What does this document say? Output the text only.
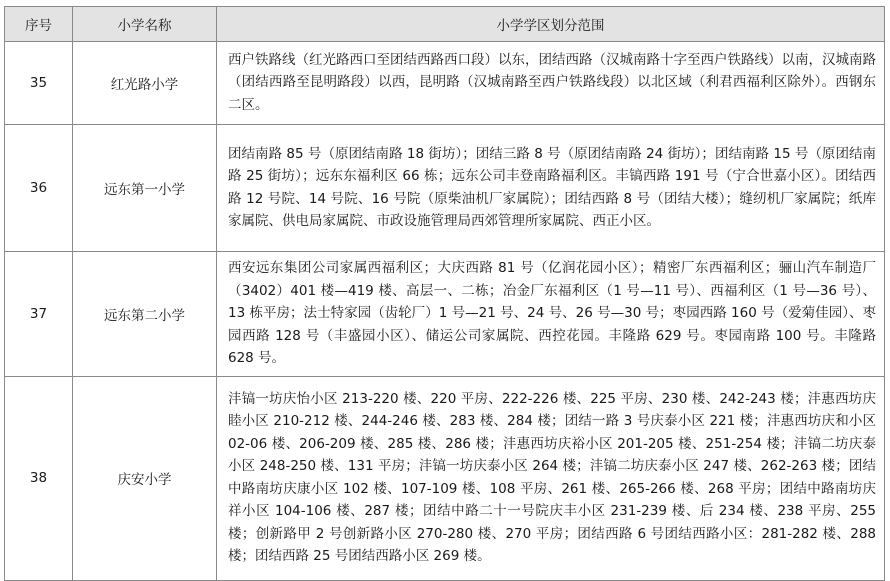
序号	小学名称	小学学区划分范围
35	红光路小学	西户铁路线（红光路西口至团结西路西口段）以东，团结西路（汉城南路十字至西户铁路线）以南，汉城南路（团结西路至昆明路段）以西，昆明路（汉城南路至西户铁路线段）以北区域（利君西福利区除外）。西钢东二区。
36	远东第一小学	团结南路 85 号（原团结南路 18 街坊）；团结三路 8 号（原团结南路 24 街坊）；团结南路 15 号（原团结南路 25 街坊）；远东东福利区 66 栋；远东公司丰登南路福利区。丰镐西路 191 号（宁合世嘉小区）。团结西路 12 号院、14 号院、16 号院（原柴油机厂家属院）；团结西路 8 号（团结大楼）；缝纫机厂家属院；纸库家属院、供电局家属院、市政设施管理局西郊管理所家属院、西正小区。
37	远东第二小学	西安远东集团公司家属西福利区；大庆西路 81 号（亿润花园小区）；精密厂东西福利区；骊山汽车制造厂（3402）401 楼—419 楼、高层一、二栋；冶金厂东福利区（1 号—11 号）、西福利区（1 号—36 号）、13 栋平房；法士特家园（齿轮厂）1 号—21 号、24 号、26 号—30 号；枣园西路 160 号（爱菊佳园）、枣园西路 128 号（丰盛园小区）、储运公司家属院、西控花园。丰隆路 629 号。枣园南路 100 号。丰隆路 628 号。
38	庆安小学	沣镐一坊庆怡小区 213-220 楼、220 平房、222-226 楼、225 平房、230 楼、242-243 楼；沣惠西坊庆睦小区 210-212 楼、244-246 楼、283 楼、284 楼；团结一路 3 号庆泰小区 221 楼；沣惠西坊庆和小区 02-06 楼、206-209 楼、285 楼、286 楼；沣惠西坊庆裕小区 201-205 楼、251-254 楼；沣镐二坊庆泰小区 248-250 楼、131 平房；沣镐一坊庆泰小区 264 楼；沣镐二坊庆泰小区 247 楼、262-263 楼；团结中路南坊庆康小区 102 楼、107-109 楼、108 平房、261 楼、265-266 楼、268 平房；团结中路南坊庆祥小区 104-106 楼、287 楼；团结中路二十一号院庆丰小区 231-239 楼、后 234 楼、238 平房、255 楼；创新路甲 2 号创新路小区 270-280 楼、270 平房；团结西路 6 号团结西路小区：281-282 楼、288 楼；团结西路 25 号团结西路小区 269 楼。
